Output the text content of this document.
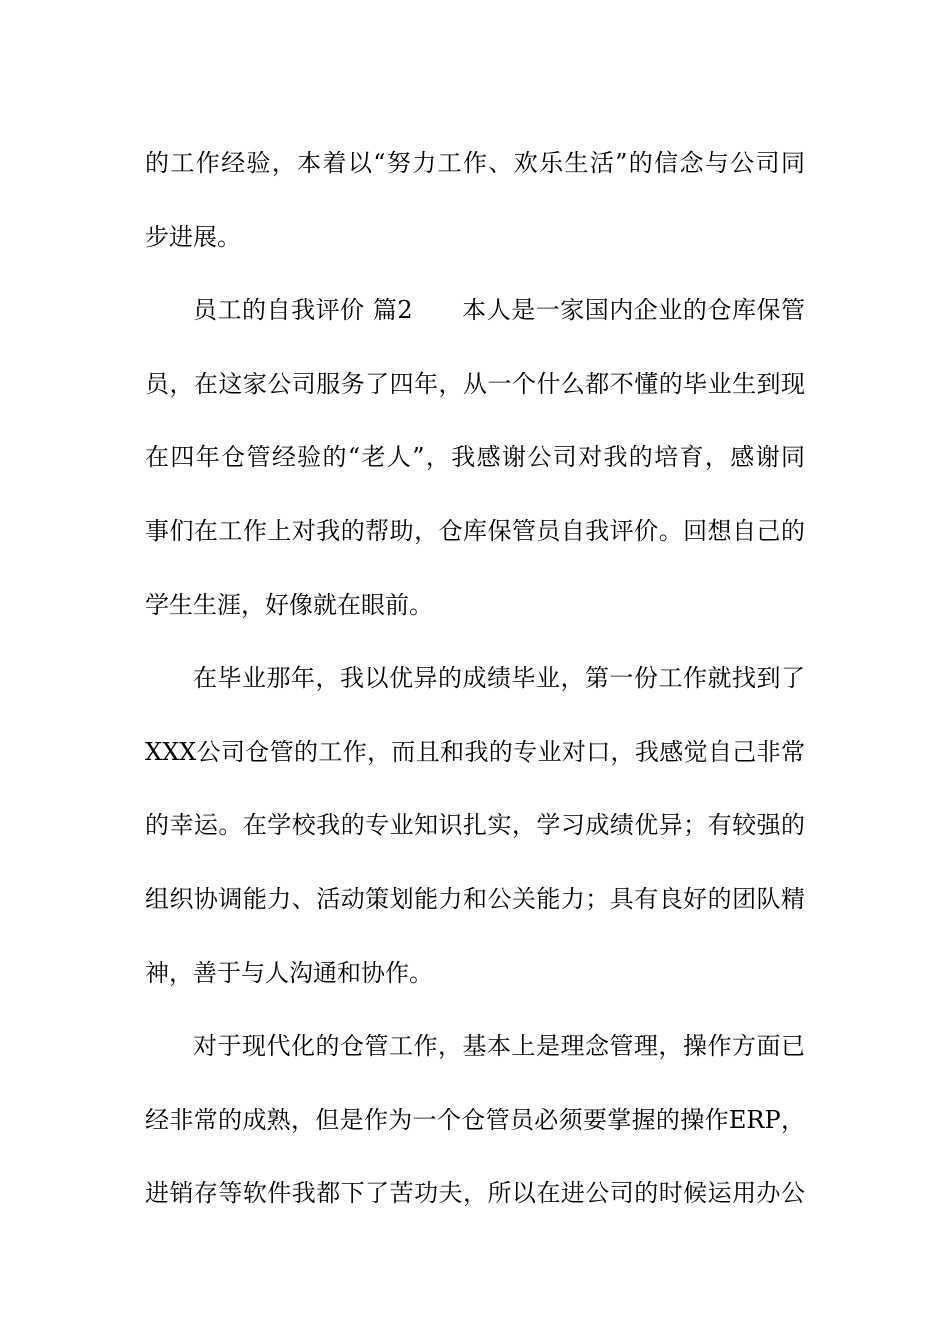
的工作经验，本着以“努力工作、欢乐生活”的信念与公司同
步进展。
员工的自我评价 篇2　　本人是一家国内企业的仓库保管
员，在这家公司服务了四年，从一个什么都不懂的毕业生到现
在四年仓管经验的“老人”，我感谢公司对我的培育，感谢同
事们在工作上对我的帮助，仓库保管员自我评价。回想自己的
学生生涯，好像就在眼前。
在毕业那年，我以优异的成绩毕业，第一份工作就找到了
XXX公司仓管的工作，而且和我的专业对口，我感觉自己非常
的幸运。在学校我的专业知识扎实，学习成绩优异；有较强的
组织协调能力、活动策划能力和公关能力；具有良好的团队精
神，善于与人沟通和协作。
对于现代化的仓管工作，基本上是理念管理，操作方面已
经非常的成熟，但是作为一个仓管员必须要掌握的操作ERP，
进销存等软件我都下了苦功夫，所以在进公司的时候运用办公
